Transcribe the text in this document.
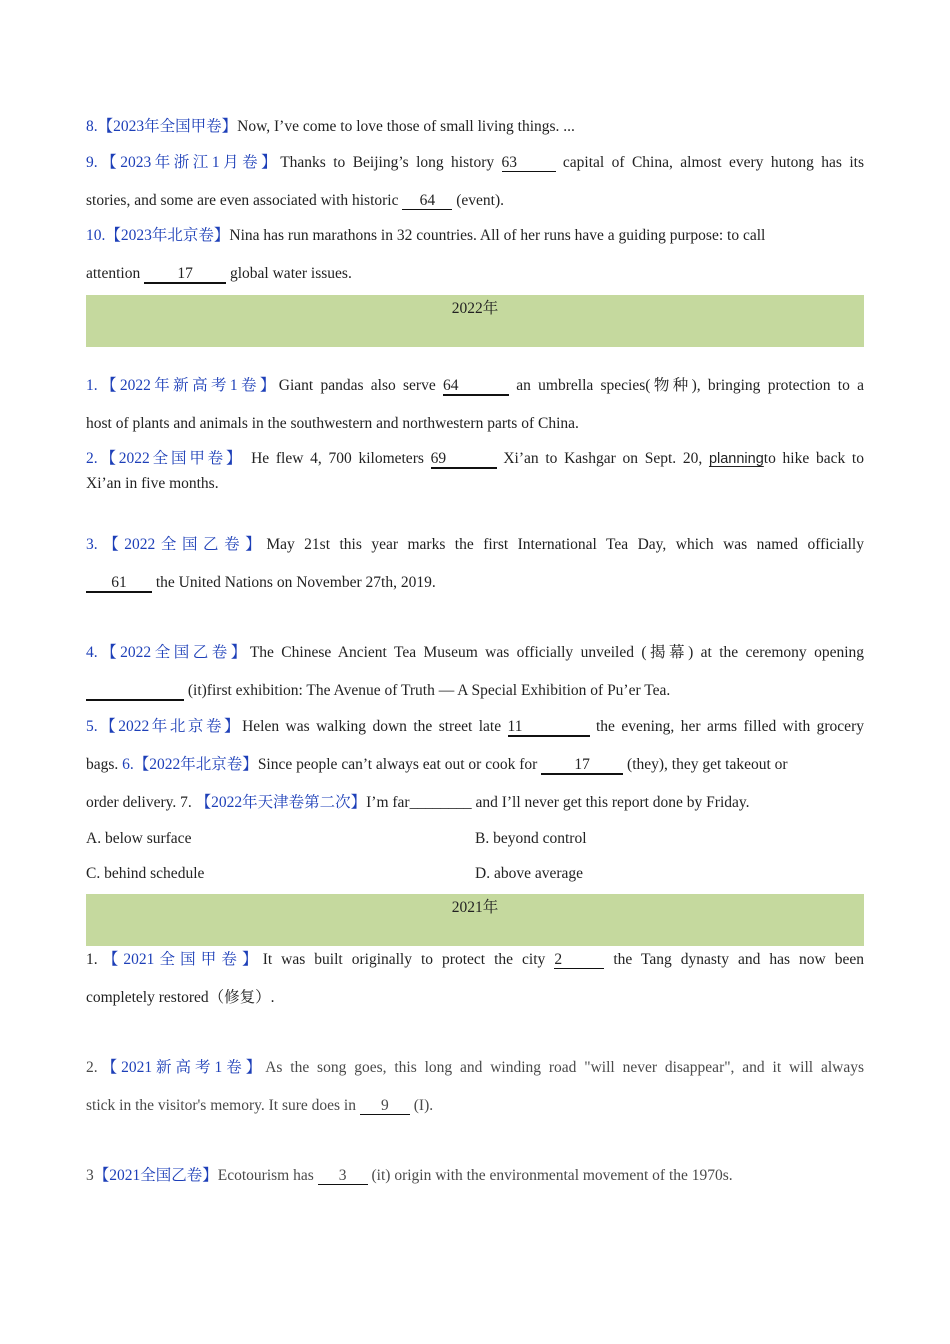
8.【2023年全国甲卷】Now, I’ve come to love those of small living things. ...
9.【2023年浙江1月卷】Thanks to Beijing’s long history 63	capital of China, almost every hutong has its
stories, and some are even associated with historic 64 (event).
10.【2023年北京卷】Nina has run marathons in 32 countries. All of her runs have a guiding purpose: to call
attention 17 global water issues.
2022年
1.【2022年新高考1卷】Giant pandas also serve 64	an umbrella species(物种), bringing protection to a
host of plants and animals in the southwestern and northwestern parts of China.
2.【2022全国甲卷】 He flew 4, 700 kilometers 69	Xi’an to Kashgar on Sept. 20, planningto hike back to
Xi’an in five months.
3.【2022全国乙卷】May 21st this year marks the first International Tea Day, which was named officially
61 the United Nations on November 27th, 2019.
4.【2022全国乙卷】The Chinese Ancient Tea Museum was officially unveiled (揭幕) at the ceremony opening
(it)first exhibition: The Avenue of Truth — A Special Exhibition of Pu’er Tea.
5.【2022年北京卷】Helen was walking down the street late 11	the evening, her arms filled with grocery
bags. 6.【2022年北京卷】Since people can’t always eat out or cook for 17 (they), they get takeout or
order delivery. 7. 【2022年天津卷第二次】I’m far________ and I’ll never get this report done by Friday.
A. below surface	B. beyond control
C. behind schedule	D. above average
2021年
1.【2021全国甲卷】It was built originally to protect the city 2	the Tang dynasty and has now been
completely restored（修复）.
2.【2021新高考1卷】As the song goes, this long and winding road "will never disappear", and it will always
stick in the visitor's memory. It sure does in 9 (I).
3【2021全国乙卷】Ecotourism has 3 (it) origin with the environmental movement of the 1970s.
